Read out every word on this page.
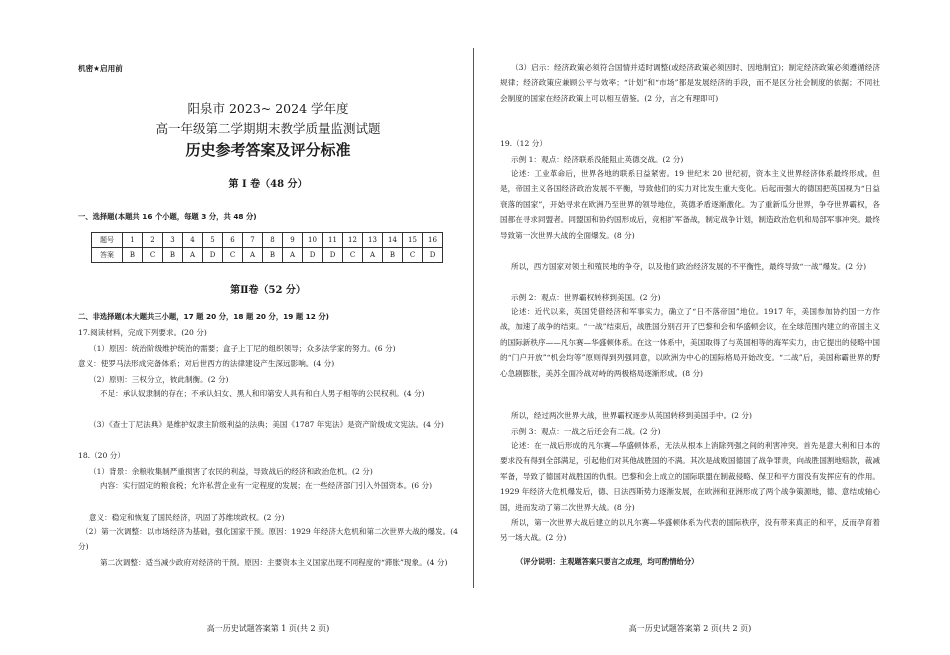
机密★启用前
阳泉市 2023~ 2024 学年度
高一年级第二学期期末教学质量监测试题
历史参考答案及评分标准
第 Ⅰ 卷（48 分）
一、选择题(本题共 16 个小题，每题 3 分，共 48 分)
题号	1	2	3	4	5	6	7	8	9	10	11	12	13	14	15	16
答案	B	C	B	A	D	C	A	B	A	D	D	C	A	B	C	D
第Ⅱ卷（52 分）
二、非选择题(本大题共三小题，17 题 20 分，18 题 20 分，19 题 12 分)
17.阅读材料，完成下列要求。(20 分)
（1）原因：统治阶级维护统治的需要；盒子上丁尼的组织领导；众多法学家的努力。(6 分)
意义：使罗马法形成完备体系；对后世西方的法律建设产生深远影响。(4 分)
（2）原则：三权分立，彼此制衡。(2 分)
不足：承认奴隶制的存在；不承认妇女、黑人和印第安人具有和白人男子相等的公民权利。(4 分)
（3）《查士丁尼法典》是维护奴隶主阶级利益的法典；美国《1787 年宪法》是资产阶级成文宪法。(4 分)
18.（20 分）
（1）背景：余粮收集制严重损害了农民的利益，导致战后的经济和政治危机。(2 分)
内容：实行固定的粮食税；允许私营企业有一定程度的发展；在一些经济部门引入外国资本。(6 分)
意义：稳定和恢复了国民经济，巩固了苏维埃政权。(2 分)
（2）第一次调整：以市场经济为基础，强化国家干预。原因：1929 年经济大危机和第二次世界大战的爆发。(4 分)
第二次调整：适当减少政府对经济的干预。原因：主要资本主义国家出现不同程度的“滞胀”现象。(4 分)
高一历史试题答案第 1 页(共 2 页)
（3）启示：经济政策必须符合国情并适时调整(或经济政策必须因时、因地制宜)；制定经济政策必须遵循经济规律；经济政策应兼顾公平与效率；“计划”和“市场”都是发展经济的手段，而不是区分社会制度的依据；不同社会制度的国家在经济政策上可以相互借鉴。(2 分，言之有理即可)
19.（12 分）
示例 1：观点：经济联系没能阻止英德交战。(2 分)
论述：工业革命后，世界各地的联系日益紧密。19 世纪末 20 世纪初，资本主义世界经济体系最终形成。但是，帝国主义各国经济政治发展不平衡，导致他们的实力对比发生重大变化。后起而强大的德国把英国视为“日益衰落的国家”，开始寻求在欧洲乃至世界的领导地位，英德矛盾逐渐激化。为了重新瓜分世界，争夺世界霸权，各国都在寻求同盟者。同盟国和协约国形成后，竞相扩军备战，制定战争计划，制造政治危机和局部军事冲突。最终导致第一次世界大战的全面爆发。(8 分)
所以，西方国家对领土和殖民地的争夺，以及他们政治经济发展的不平衡性，最终导致“一战”爆发。(2 分)
示例 2：观点：世界霸权转移到美国。(2 分)
论述：近代以来，英国凭借经济和军事实力，确立了“日不落帝国”地位。1917 年，美国参加协约国一方作战，加速了战争的结束。“一战”结束后，战胜国分别召开了巴黎和会和华盛顿会议，在全球范围内建立的帝国主义的国际新秩序——凡尔赛—华盛顿体系。在这一体系中，美国取得了与英国相等的海军实力，由它提出的侵略中国的“门户开放”“机会均等”原则得到列强同意，以欧洲为中心的国际格局开始改变。“二战”后，美国称霸世界的野心急剧膨胀，美苏全面冷战对峙的两极格局逐渐形成。(8 分)
所以，经过两次世界大战，世界霸权逐步从英国转移到美国手中。(2 分)
示例 3：观点：一战之后还会有二战。(2 分)
论述：在一战后形成的凡尔赛—华盛顿体系，无法从根本上消除列强之间的利害冲突。首先是意大利和日本的要求没有得到全部满足，引起他们对其他战胜国的不满。其次是战败国德国了战争罪责，向战胜国割地赔款，裁减军备，导致了德国对战胜国的仇恨。巴黎和会上成立的国际联盟在制裁侵略、保卫和平方面没有发挥应有的作用。1929 年经济大危机爆发后，德、日法西斯势力逐渐发展，在欧洲和亚洲形成了两个战争策源地，德、意结成轴心国，进而发动了第二次世界大战。(8 分)
所以，第一次世界大战后建立的以凡尔赛—华盛顿体系为代表的国际秩序，没有带来真正的和平，反而孕育着另一场大战。(2 分)
（评分说明：主观题答案只要言之成理，均可酌情给分）
高一历史试题答案第 2 页(共 2 页)
